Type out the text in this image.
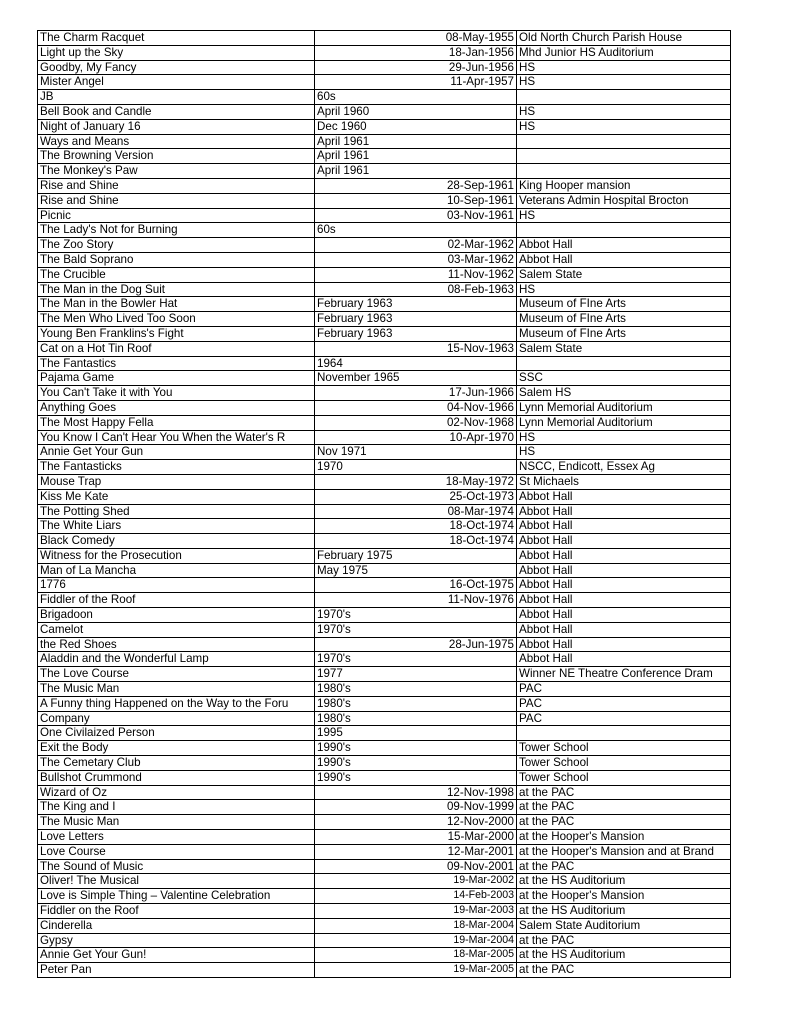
The Charm Racquet	08-May-1955	Old North Church Parish House
Light up the Sky	18-Jan-1956	Mhd Junior HS Auditorium
Goodby, My Fancy	29-Jun-1956	HS
Mister Angel	11-Apr-1957	HS
JB	60s	
Bell Book and Candle	April 1960	HS
Night of January 16	Dec 1960	HS
Ways and Means	April 1961	
The Browning Version	April 1961	
The Monkey's Paw	April 1961	
Rise and Shine	28-Sep-1961	King Hooper mansion
Rise and Shine	10-Sep-1961	Veterans Admin Hospital Brocton
Picnic	03-Nov-1961	HS
The Lady's Not for Burning	60s	
The Zoo Story	02-Mar-1962	Abbot Hall
The Bald Soprano	03-Mar-1962	Abbot Hall
The Crucible	11-Nov-1962	Salem State
The Man in the Dog Suit	08-Feb-1963	HS
The Man in the Bowler Hat	February 1963	Museum of FIne Arts
The Men Who Lived Too Soon	February 1963	Museum of FIne Arts
Young Ben Franklins's Fight	February 1963	Museum of FIne Arts
Cat on a Hot Tin Roof	15-Nov-1963	Salem State
The Fantastics	1964	
Pajama Game	November 1965	SSC
You Can't Take it with You	17-Jun-1966	Salem HS
Anything Goes	04-Nov-1966	Lynn Memorial Auditorium
The Most Happy Fella	02-Nov-1968	Lynn Memorial Auditorium
You Know I Can't Hear You When the Water's R	10-Apr-1970	HS
Annie Get Your Gun	Nov 1971	HS
The Fantasticks	1970	NSCC, Endicott, Essex Ag
Mouse Trap	18-May-1972	St Michaels
Kiss Me Kate	25-Oct-1973	Abbot Hall
The Potting Shed	08-Mar-1974	Abbot Hall
The White Liars	18-Oct-1974	Abbot Hall
Black Comedy	18-Oct-1974	Abbot Hall
Witness for the Prosecution	February 1975	Abbot Hall
Man of La Mancha	May 1975	Abbot Hall
1776	16-Oct-1975	Abbot Hall
Fiddler of the Roof	11-Nov-1976	Abbot Hall
Brigadoon	1970's	Abbot Hall
Camelot	1970's	Abbot Hall
the Red Shoes	28-Jun-1975	Abbot Hall
Aladdin and the Wonderful Lamp	1970's	Abbot Hall
The Love Course	1977	Winner NE Theatre Conference Dram
The Music Man	1980's	PAC
A Funny thing Happened on the Way to the Foru	1980's	PAC
Company	1980's	PAC
One Civilaized Person	1995	
Exit the Body	1990's	Tower School
The Cemetary Club	1990's	Tower School
Bullshot Crummond	1990's	Tower School
Wizard of Oz	12-Nov-1998	at the PAC
The King and I	09-Nov-1999	at the PAC
The Music Man	12-Nov-2000	at the PAC
Love Letters	15-Mar-2000	at the Hooper's Mansion
Love Course	12-Mar-2001	at the Hooper's Mansion and at Brand
The Sound of Music	09-Nov-2001	at the PAC
Oliver! The Musical	19-Mar-2002	at the HS Auditorium
Love is Simple Thing – Valentine Celebration	14-Feb-2003	at the Hooper's Mansion
Fiddler on the Roof	19-Mar-2003	at the HS Auditorium
Cinderella	18-Mar-2004	Salem State Auditorium
Gypsy	19-Mar-2004	at the PAC
Annie Get Your Gun!	18-Mar-2005	at the HS Auditorium
Peter Pan	19-Mar-2005	at the PAC
